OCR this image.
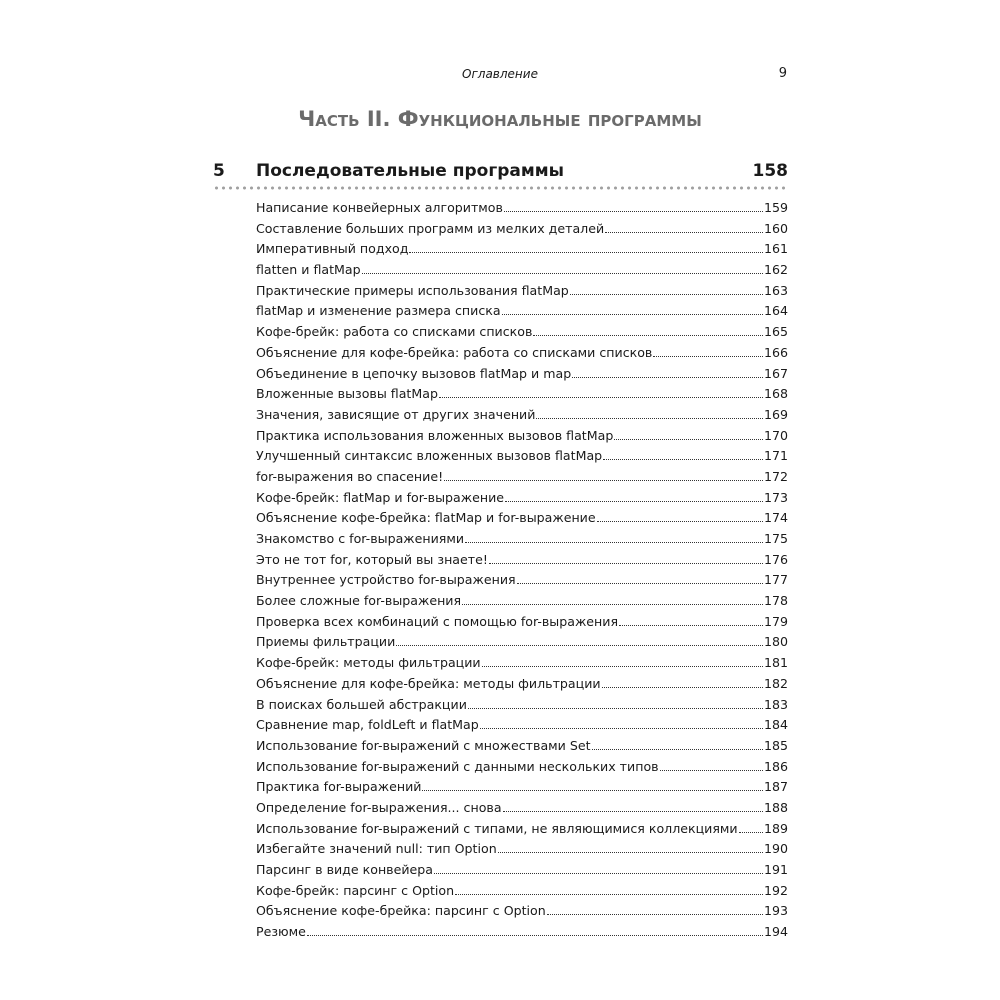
Оглавление	9
Часть II. Функциональные программы
5 Последовательные программы	158
Написание конвейерных алгоритмов	159
Составление больших программ из мелких деталей	160
Императивный подход	161
flatten и flatMap	162
Практические примеры использования flatMap	163
flatMap и изменение размера списка	164
Кофе-брейк: работа со списками списков	165
Объяснение для кофе-брейка: работа со списками списков	166
Объединение в цепочку вызовов flatMap и map	167
Вложенные вызовы flatMap	168
Значения, зависящие от других значений	169
Практика использования вложенных вызовов flatMap	170
Улучшенный синтаксис вложенных вызовов flatMap	171
for-выражения во спасение!	172
Кофе-брейк: flatMap и for-выражение	173
Объяснение кофе-брейка: flatMap и for-выражение	174
Знакомство с for-выражениями	175
Это не тот for, который вы знаете!	176
Внутреннее устройство for-выражения	177
Более сложные for-выражения	178
Проверка всех комбинаций с помощью for-выражения	179
Приемы фильтрации	180
Кофе-брейк: методы фильтрации	181
Объяснение для кофе-брейка: методы фильтрации	182
В поисках большей абстракции	183
Сравнение map, foldLeft и flatMap	184
Использование for-выражений с множествами Set	185
Использование for-выражений с данными нескольких типов	186
Практика for-выражений	187
Определение for-выражения... снова	188
Использование for-выражений с типами, не являющимися коллекциями 189
Избегайте значений null: тип Option	190
Парсинг в виде конвейера	191
Кофе-брейк: парсинг с Option	192
Объяснение кофе-брейка: парсинг с Option	193
Резюме	194
